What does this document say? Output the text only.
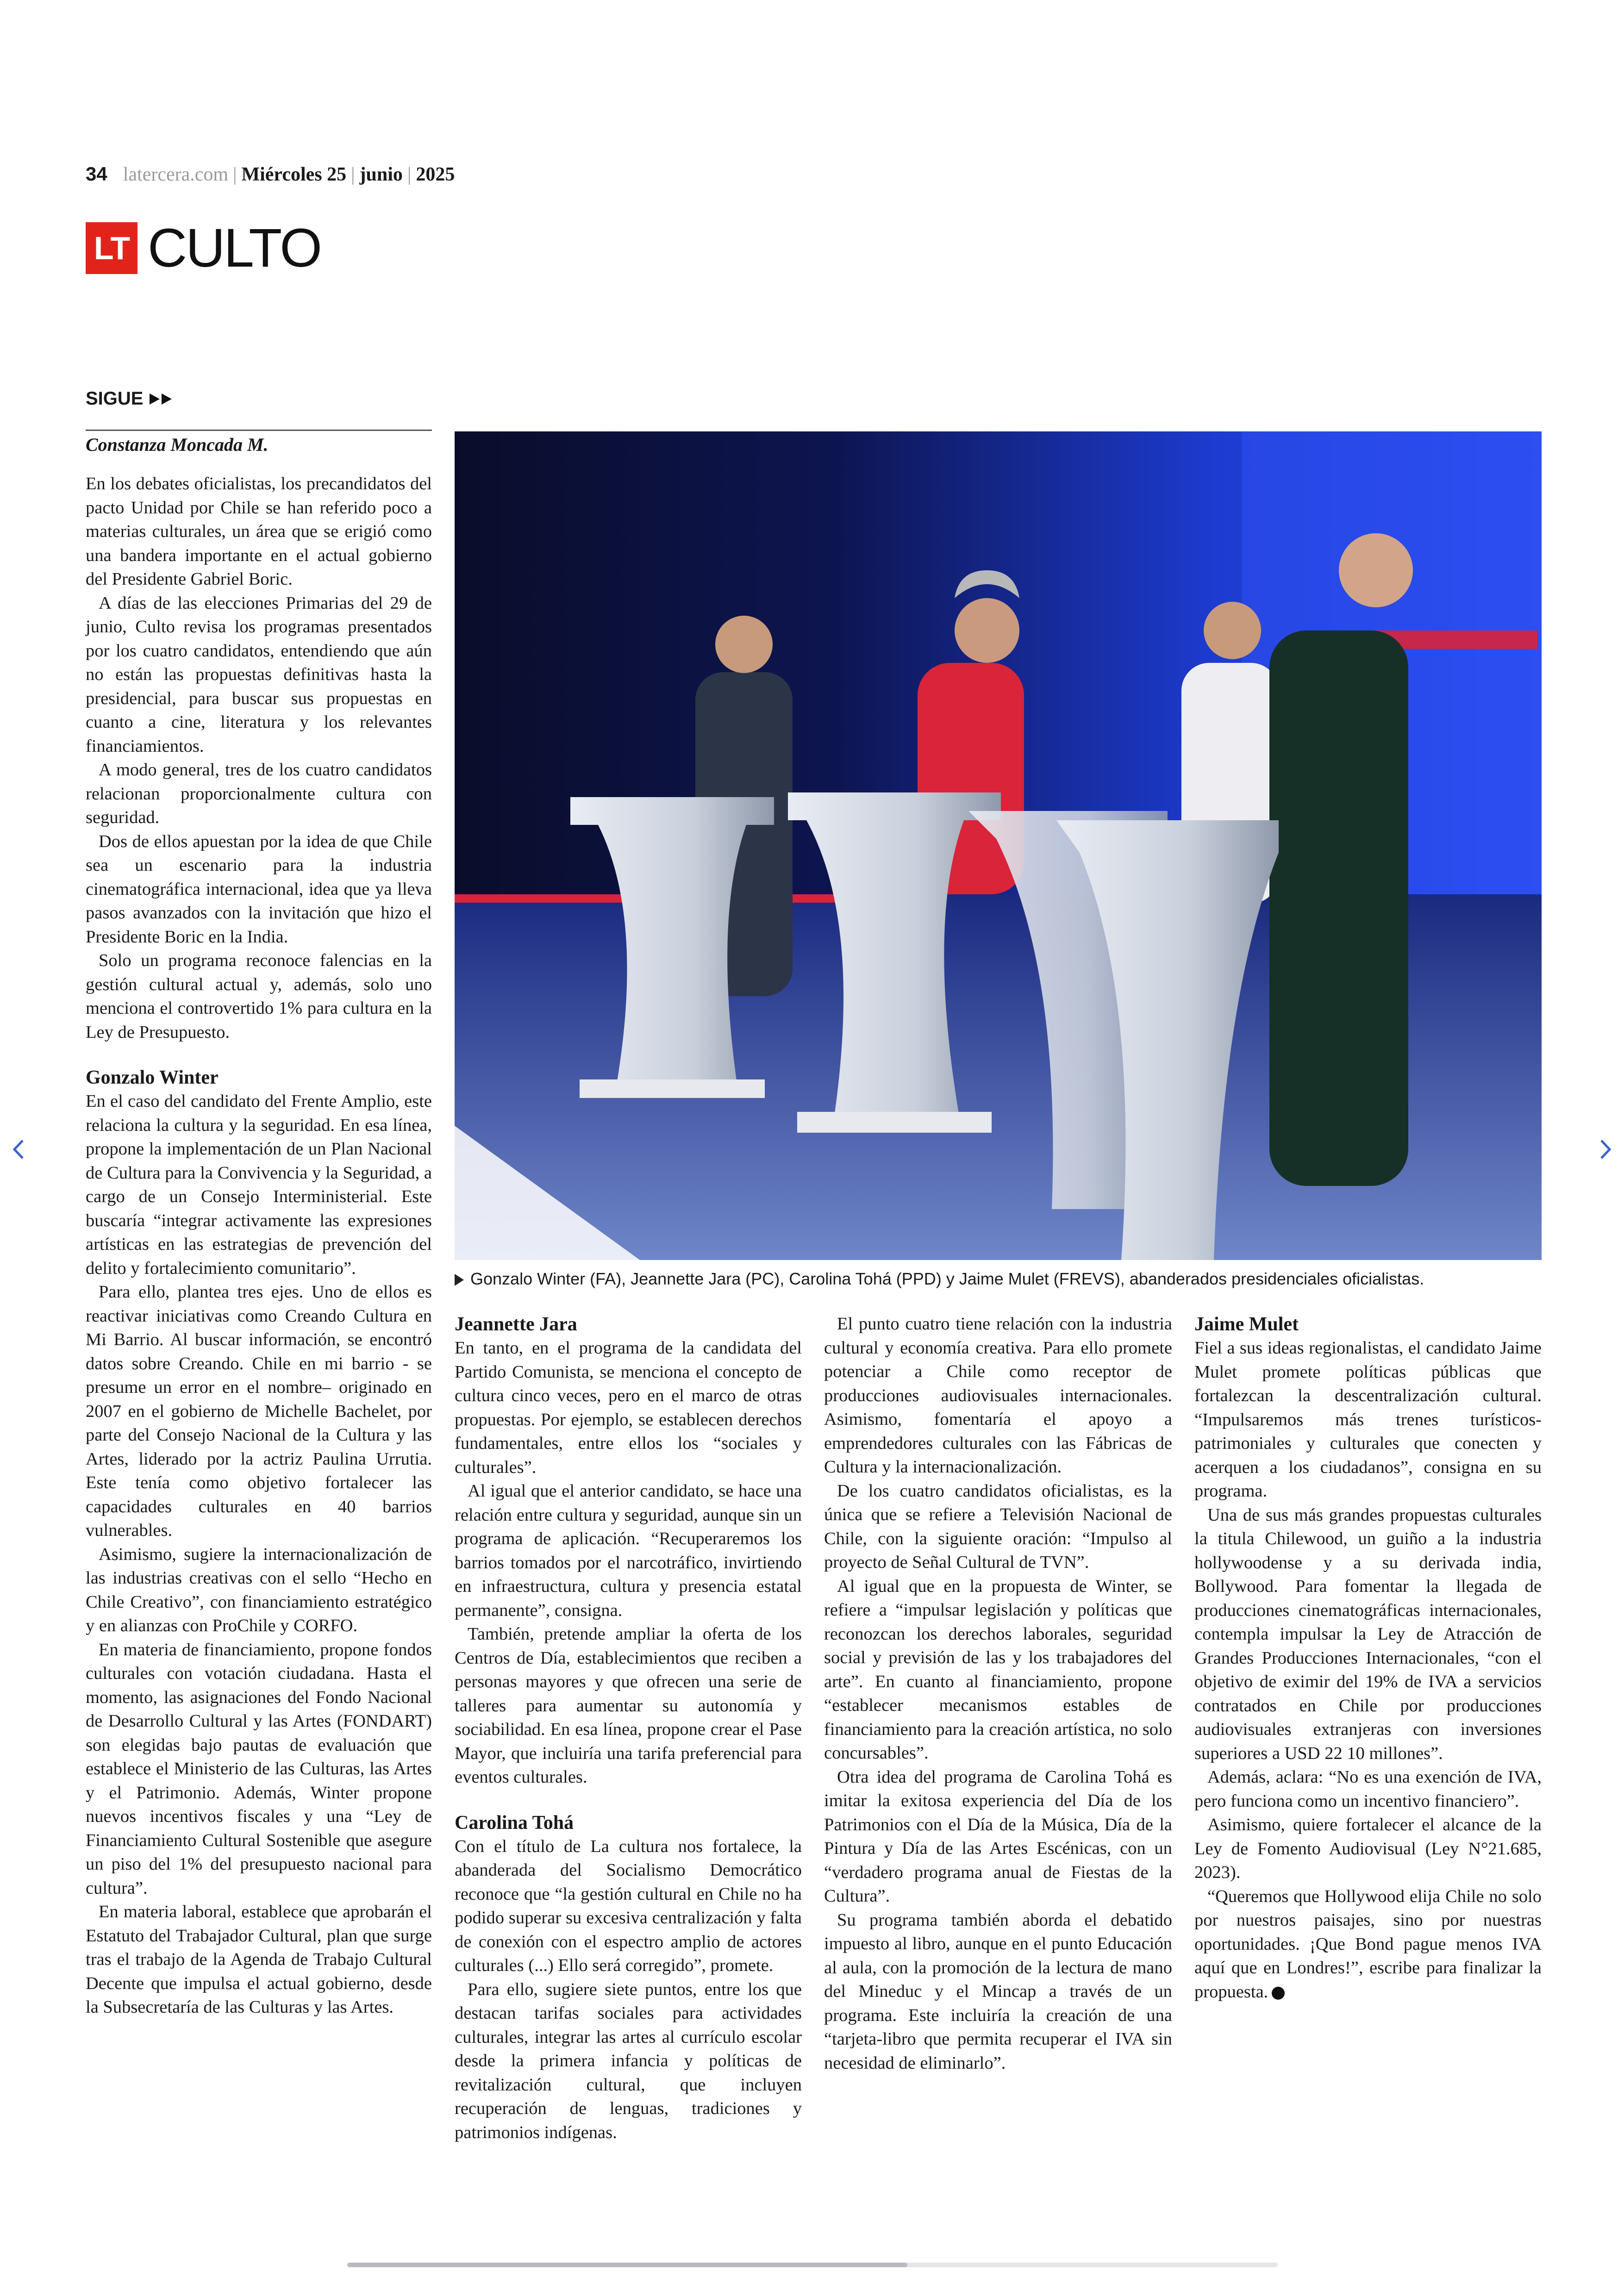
34 latercera.com | Miércoles 25 | junio | 2025
LT CULTO
SIGUE
Constanza Moncada M.

En los debates oficialistas, los precandidatos del pacto Unidad por Chile se han referido poco a materias culturales, un área que se erigió como una bandera importante en el actual gobierno del Presidente Gabriel Boric.

A días de las elecciones Primarias del 29 de junio, Culto revisa los programas presentados por los cuatro candidatos, entendiendo que aún no están las propuestas definitivas hasta la presidencial, para buscar sus propuestas en cuanto a cine, literatura y los relevantes financiamientos.

A modo general, tres de los cuatro candidatos relacionan proporcionalmente cultura con seguridad.

Dos de ellos apuestan por la idea de que Chile sea un escenario para la industria cinematográfica internacional, idea que ya lleva pasos avanzados con la invitación que hizo el Presidente Boric en la India.

Solo un programa reconoce falencias en la gestión cultural actual y, además, solo uno menciona el controvertido 1% para cultura en la Ley de Presupuesto.

Gonzalo Winter

En el caso del candidato del Frente Amplio, este relaciona la cultura y la seguridad. En esa línea, propone la implementación de un Plan Nacional de Cultura para la Convivencia y la Seguridad, a cargo de un Consejo Interministerial. Este buscaría “integrar activamente las expresiones artísticas en las estrategias de prevención del delito y fortalecimiento comunitario”.

Para ello, plantea tres ejes. Uno de ellos es reactivar iniciativas como Creando Cultura en Mi Barrio. Al buscar información, se encontró datos sobre Creando. Chile en mi barrio - se presume un error en el nombre– originado en 2007 en el gobierno de Michelle Bachelet, por parte del Consejo Nacional de la Cultura y las Artes, liderado por la actriz Paulina Urrutia. Este tenía como objetivo fortalecer las capacidades culturales en 40 barrios vulnerables.

Asimismo, sugiere la internacionalización de las industrias creativas con el sello “Hecho en Chile Creativo”, con financiamiento estratégico y en alianzas con ProChile y CORFO.

En materia de financiamiento, propone fondos culturales con votación ciudadana. Hasta el momento, las asignaciones del Fondo Nacional de Desarrollo Cultural y las Artes (FONDART) son elegidas bajo pautas de evaluación que establece el Ministerio de las Culturas, las Artes y el Patrimonio. Además, Winter propone nuevos incentivos fiscales y una “Ley de Financiamiento Cultural Sostenible que asegure un piso del 1% del presupuesto nacional para cultura”.

En materia laboral, establece que aprobarán el Estatuto del Trabajador Cultural, plan que surge tras el trabajo de la Agenda de Trabajo Cultural Decente que impulsa el actual gobierno, desde la Subsecretaría de las Culturas y las Artes.

Gonzalo Winter (FA), Jeannette Jara (PC), Carolina Tohá (PPD) y Jaime Mulet (FREVS), abanderados presidenciales oficialistas.
Jeannette Jara

En tanto, en el programa de la candidata del Partido Comunista, se menciona el concepto de cultura cinco veces, pero en el marco de otras propuestas. Por ejemplo, se establecen derechos fundamentales, entre ellos los “sociales y culturales”.

Al igual que el anterior candidato, se hace una relación entre cultura y seguridad, aunque sin un programa de aplicación. “Recuperaremos los barrios tomados por el narcotráfico, invirtiendo en infraestructura, cultura y presencia estatal permanente”, consigna.

También, pretende ampliar la oferta de los Centros de Día, establecimientos que reciben a personas mayores y que ofrecen una serie de talleres para aumentar su autonomía y sociabilidad. En esa línea, propone crear el Pase Mayor, que incluiría una tarifa preferencial para eventos culturales.

Carolina Tohá

Con el título de La cultura nos fortalece, la abanderada del Socialismo Democrático reconoce que “la gestión cultural en Chile no ha podido superar su excesiva centralización y falta de conexión con el espectro amplio de actores culturales (...) Ello será corregido”, promete.

Para ello, sugiere siete puntos, entre los que destacan tarifas sociales para actividades culturales, integrar las artes al currículo escolar desde la primera infancia y políticas de revitalización cultural, que incluyen recuperación de lenguas, tradiciones y patrimonios indígenas.

El punto cuatro tiene relación con la industria cultural y economía creativa. Para ello promete potenciar a Chile como receptor de producciones audiovisuales internacionales. Asimismo, fomentaría el apoyo a emprendedores culturales con las Fábricas de Cultura y la internacionalización.

De los cuatro candidatos oficialistas, es la única que se refiere a Televisión Nacional de Chile, con la siguiente oración: “Impulso al proyecto de Señal Cultural de TVN”.

Al igual que en la propuesta de Winter, se refiere a “impulsar legislación y políticas que reconozcan los derechos laborales, seguridad social y previsión de las y los trabajadores del arte”. En cuanto al financiamiento, propone “establecer mecanismos estables de financiamiento para la creación artística, no solo concursables”.

Otra idea del programa de Carolina Tohá es imitar la exitosa experiencia del Día de los Patrimonios con el Día de la Música, Día de la Pintura y Día de las Artes Escénicas, con un “verdadero programa anual de Fiestas de la Cultura”.

Su programa también aborda el debatido impuesto al libro, aunque en el punto Educación al aula, con la promoción de la lectura de mano del Mineduc y el Mincap a través de un programa. Este incluiría la creación de una “tarjeta-libro que permita recuperar el IVA sin necesidad de eliminarlo”.

Jaime Mulet

Fiel a sus ideas regionalistas, el candidato Jaime Mulet promete políticas públicas que fortalezcan la descentralización cultural. “Impulsaremos más trenes turísticos-patrimoniales y culturales que conecten y acerquen a los ciudadanos”, consigna en su programa.

Una de sus más grandes propuestas culturales la titula Chilewood, un guiño a la industria hollywoodense y a su derivada india, Bollywood. Para fomentar la llegada de producciones cinematográficas internacionales, contempla impulsar la Ley de Atracción de Grandes Producciones Internacionales, “con el objetivo de eximir del 19% de IVA a servicios contratados en Chile por producciones audiovisuales extranjeras con inversiones superiores a USD 22 10 millones”.

Además, aclara: “No es una exención de IVA, pero funciona como un incentivo financiero”.

Asimismo, quiere fortalecer el alcance de la Ley de Fomento Audiovisual (Ley N°21.685, 2023).

“Queremos que Hollywood elija Chile no solo por nuestros paisajes, sino por nuestras oportunidades. ¡Que Bond pague menos IVA aquí que en Londres!”, escribe para finalizar la propuesta.
